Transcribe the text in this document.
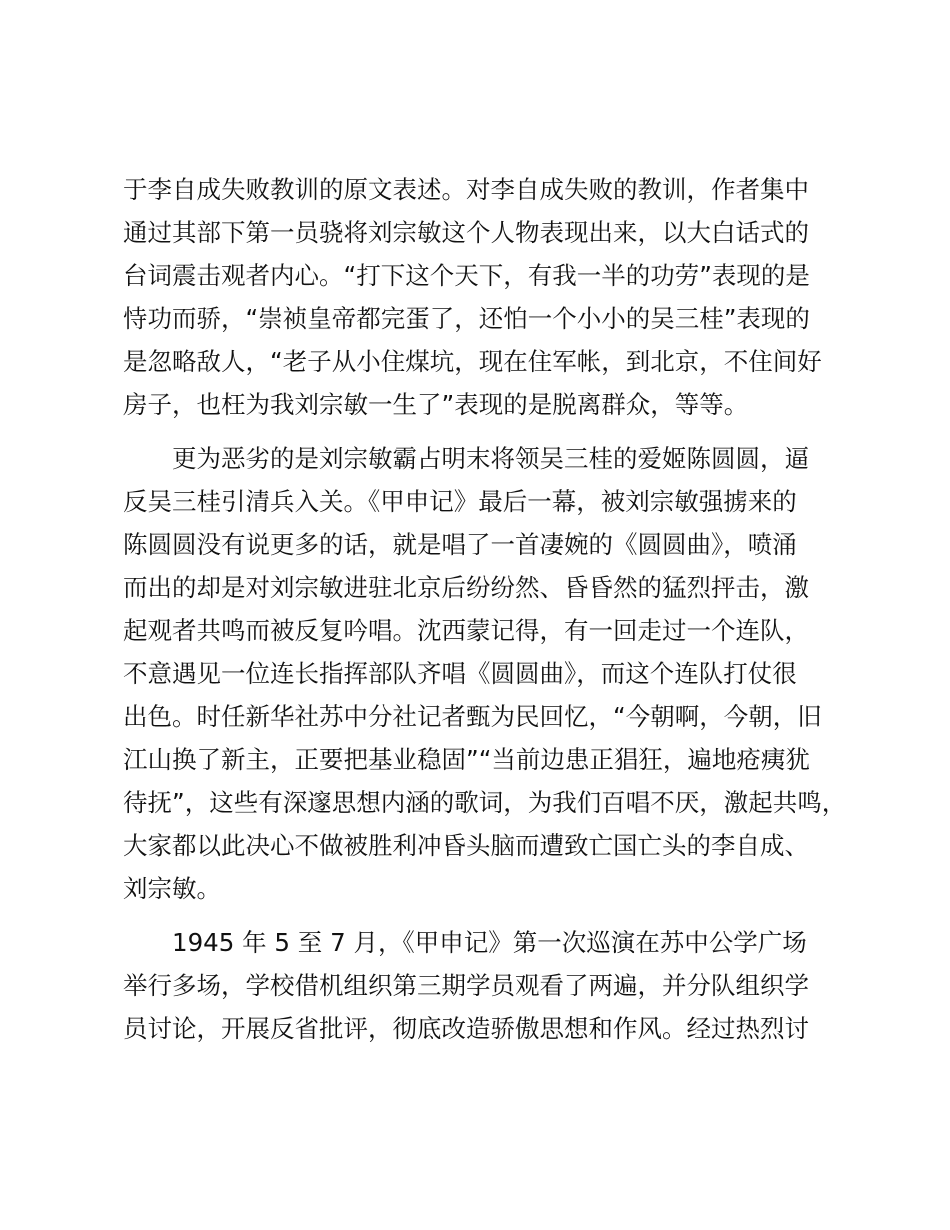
于李自成失败教训的原文表述。对李自成失败的教训，作者集中
通过其部下第一员骁将刘宗敏这个人物表现出来，以大白话式的
台词震击观者内心。“打下这个天下，有我一半的功劳”表现的是
恃功而骄，“崇祯皇帝都完蛋了，还怕一个小小的吴三桂”表现的
是忽略敌人，“老子从小住煤坑，现在住军帐，到北京，不住间好
房子，也枉为我刘宗敏一生了”表现的是脱离群众，等等。
更为恶劣的是刘宗敏霸占明末将领吴三桂的爱姬陈圆圆，逼
反吴三桂引清兵入关。《甲申记》最后一幕，被刘宗敏强掳来的
陈圆圆没有说更多的话，就是唱了一首凄婉的《圆圆曲》，喷涌
而出的却是对刘宗敏进驻北京后纷纷然、昏昏然的猛烈抨击，激
起观者共鸣而被反复吟唱。沈西蒙记得，有一回走过一个连队，
不意遇见一位连长指挥部队齐唱《圆圆曲》，而这个连队打仗很
出色。时任新华社苏中分社记者甄为民回忆，“今朝啊，今朝，旧
江山换了新主，正要把基业稳固”“当前边患正猖狂，遍地疮痍犹
待抚”，这些有深邃思想内涵的歌词，为我们百唱不厌，激起共鸣，
大家都以此决心不做被胜利冲昏头脑而遭致亡国亡头的李自成、
刘宗敏。
1945 年 5 至 7 月，《甲申记》第一次巡演在苏中公学广场
举行多场，学校借机组织第三期学员观看了两遍，并分队组织学
员讨论，开展反省批评，彻底改造骄傲思想和作风。经过热烈讨
